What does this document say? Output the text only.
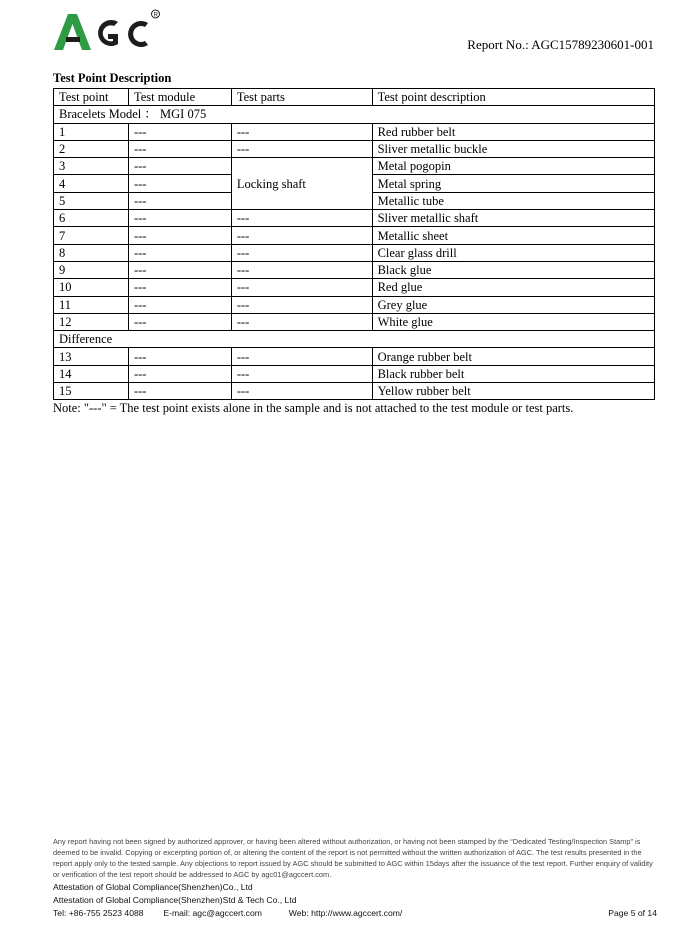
R
Report No.: AGC15789230601-001
Test Point Description
Test point	Test module	Test parts	Test point description
Bracelets Model ： MGI 075			
1	---	---	Red rubber belt
2	---	---	Sliver metallic buckle
3	---	Locking shaft	Metal pogopin
4	---		Metal spring
5	---		Metallic tube
6	---	---	Sliver metallic shaft
7	---	---	Metallic sheet
8	---	---	Clear glass drill
9	---	---	Black glue
10	---	---	Red glue
11	---	---	Grey glue
12	---	---	White glue
Difference			
13	---	---	Orange rubber belt
14	---	---	Black rubber belt
15	---	---	Yellow rubber belt
Note: "---" = The test point exists alone in the sample and is not attached to the test module or test parts.
Any report having not been signed by authorized approver, or having been altered without authorization, or having not been stamped by the “Dedicated Testing/Inspection Stamp” is deemed to be invalid. Copying or excerpting portion of, or altering the content of the report is not permitted without the written authorization of AGC. The test results presented in the report apply only to the tested sample. Any objections to report issued by AGC should be submitted to AGC within 15days after the issuance of the test report. Further enquiry of validity or verification of the test report should be addressed to AGC by agc01@agccert.com.
Attestation of Global Compliance(Shenzhen)Co., Ltd
Attestation of Global Compliance(Shenzhen)Std & Tech Co., Ltd
Tel: +86-755 2523 4088 E-mail: agc@agccert.com	Web: http://www.agccert.com/	Page 5 of 14
